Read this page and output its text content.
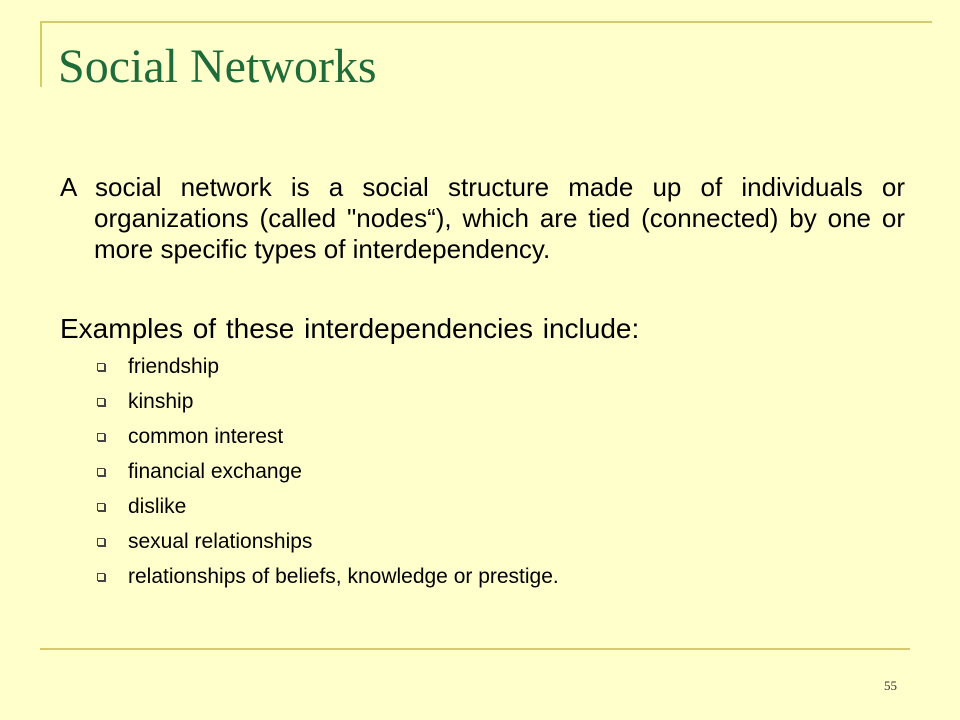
Social Networks
A social network is a social structure made up of individuals or organizations (called "nodes“), which are tied (connected) by one or more specific types of interdependency.
Examples of these interdependencies include:
friendship
kinship
common interest
financial exchange
dislike
sexual relationships
relationships of beliefs, knowledge or prestige.
55
